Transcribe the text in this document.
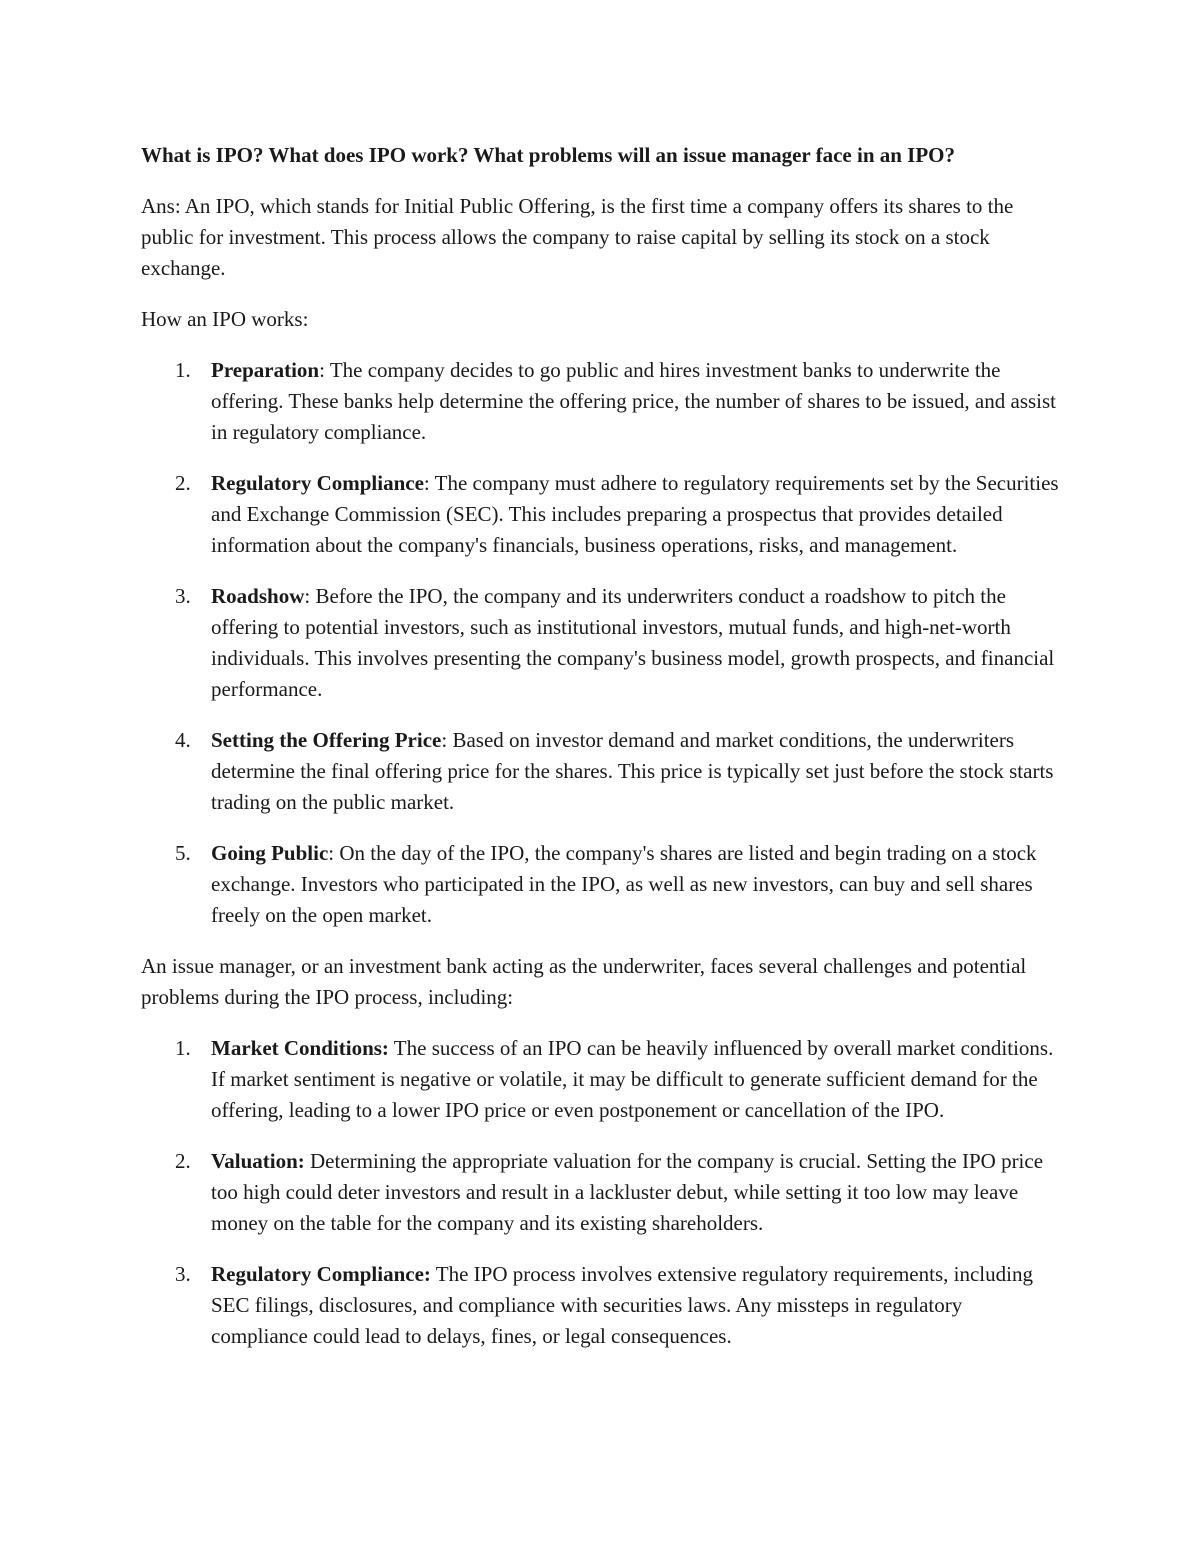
What is IPO? What does IPO work? What problems will an issue manager face in an IPO?

Ans: An IPO, which stands for Initial Public Offering, is the first time a company offers its shares to the public for investment. This process allows the company to raise capital by selling its stock on a stock exchange.

How an IPO works:

1. Preparation: The company decides to go public and hires investment banks to underwrite the offering. These banks help determine the offering price, the number of shares to be issued, and assist in regulatory compliance.
2. Regulatory Compliance: The company must adhere to regulatory requirements set by the Securities and Exchange Commission (SEC). This includes preparing a prospectus that provides detailed information about the company's financials, business operations, risks, and management.
3. Roadshow: Before the IPO, the company and its underwriters conduct a roadshow to pitch the offering to potential investors, such as institutional investors, mutual funds, and high-net-worth individuals. This involves presenting the company's business model, growth prospects, and financial performance.
4. Setting the Offering Price: Based on investor demand and market conditions, the underwriters determine the final offering price for the shares. This price is typically set just before the stock starts trading on the public market.
5. Going Public: On the day of the IPO, the company's shares are listed and begin trading on a stock exchange. Investors who participated in the IPO, as well as new investors, can buy and sell shares freely on the open market.

An issue manager, or an investment bank acting as the underwriter, faces several challenges and potential problems during the IPO process, including:

1. Market Conditions: The success of an IPO can be heavily influenced by overall market conditions. If market sentiment is negative or volatile, it may be difficult to generate sufficient demand for the offering, leading to a lower IPO price or even postponement or cancellation of the IPO.
2. Valuation: Determining the appropriate valuation for the company is crucial. Setting the IPO price too high could deter investors and result in a lackluster debut, while setting it too low may leave money on the table for the company and its existing shareholders.
3. Regulatory Compliance: The IPO process involves extensive regulatory requirements, including SEC filings, disclosures, and compliance with securities laws. Any missteps in regulatory compliance could lead to delays, fines, or legal consequences.
